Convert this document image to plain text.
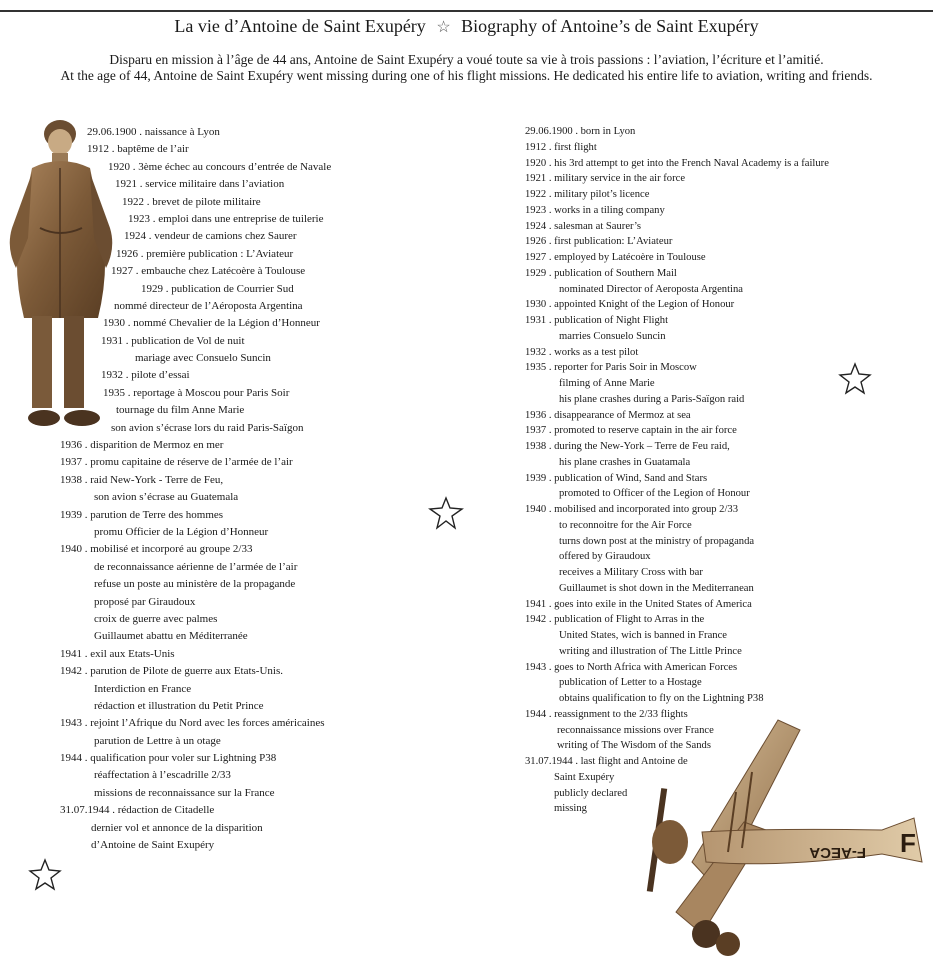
La vie d’Antoine de Saint Exupéry ☆ Biography of Antoine’s de Saint Exupéry
Disparu en mission à l’âge de 44 ans, Antoine de Saint Exupéry a voué toute sa vie à trois passions : l’aviation, l’écriture et l’amitié.
At the age of 44, Antoine de Saint Exupéry went missing during one of his flight missions. He dedicated his entire life to aviation, writing and friends.
29.06.1900 . naissance à Lyon
1912 . baptême de l’air
1920 . 3ème échec au concours d’entrée de Navale
1921 . service militaire dans l’aviation
1922 . brevet de pilote militaire
1923 . emploi dans une entreprise de tuilerie
1924 . vendeur de camions chez Saurer
1926 . première publication : L’Aviateur
1927 . embauche chez Latécoère à Toulouse
1929 . publication de Courrier Sud
nommé directeur de l’Aéroposta Argentina
1930 . nommé Chevalier de la Légion d’Honneur
1931 . publication de Vol de nuit
mariage avec Consuelo Suncin
1932 . pilote d’essai
1935 . reportage à Moscou pour Paris Soir
tournage du film Anne Marie
son avion s’écrase lors du raid Paris-Saïgon
1936 . disparition de Mermoz en mer
1937 . promu capitaine de réserve de l’armée de l’air
1938 . raid New-York - Terre de Feu,
son avion s’écrase au Guatemala
1939 . parution de Terre des hommes
promu Officier de la Légion d’Honneur
1940 . mobilisé et incorporé au groupe 2/33
de reconnaissance aérienne de l’armée de l’air
refuse un poste au ministère de la propagande
proposé par Giraudoux
croix de guerre avec palmes
Guillaumet abattu en Méditerranée
1941 . exil aux Etats-Unis
1942 . parution de Pilote de guerre aux Etats-Unis.
Interdiction en France
rédaction et illustration du Petit Prince
1943 . rejoint l’Afrique du Nord avec les forces américaines
parution de Lettre à un otage
1944 . qualification pour voler sur Lightning P38
réaffectation à l’escadrille 2/33
missions de reconnaissance sur la France
31.07.1944 . rédaction de Citadelle
dernier vol et annonce de la disparition
d’Antoine de Saint Exupéry
29.06.1900 . born in Lyon
1912 . first flight
1920 . his 3rd attempt to get into the French Naval Academy is a failure
1921 . military service in the air force
1922 . military pilot’s licence
1923 . works in a tiling company
1924 . salesman at Saurer’s
1926 . first publication: L’Aviateur
1927 . employed by Latécoère in Toulouse
1929 . publication of Southern Mail
nominated Director of Aeroposta Argentina
1930 . appointed Knight of the Legion of Honour
1931 . publication of Night Flight
marries Consuelo Suncin
1932 . works as a test pilot
1935 . reporter for Paris Soir in Moscow
filming of Anne Marie
his plane crashes during a Paris-Saïgon raid
1936 . disappearance of Mermoz at sea
1937 . promoted to reserve captain in the air force
1938 . during the New-York – Terre de Feu raid,
his plane crashes in Guatamala
1939 . publication of Wind, Sand and Stars
promoted to Officer of the Legion of Honour
1940 . mobilised and incorporated into group 2/33
to reconnoitre for the Air Force
turns down post at the ministry of propaganda
offered by Giraudoux
receives a Military Cross with bar
Guillaumet is shot down in the Mediterranean
1941 . goes into exile in the United States of America
1942 . publication of Flight to Arras in the
United States, wich is banned in France
writing and illustration of The Little Prince
1943 . goes to North Africa with American Forces
publication of Letter to a Hostage
obtains qualification to fly on the Lightning P38
1944 . reassignment to the 2/33 flights
reconnaissance missions over France
writing of The Wisdom of the Sands
31.07.1944 . last flight and Antoine de
Saint Exupéry
publicly declared
missing
F-AECA F
